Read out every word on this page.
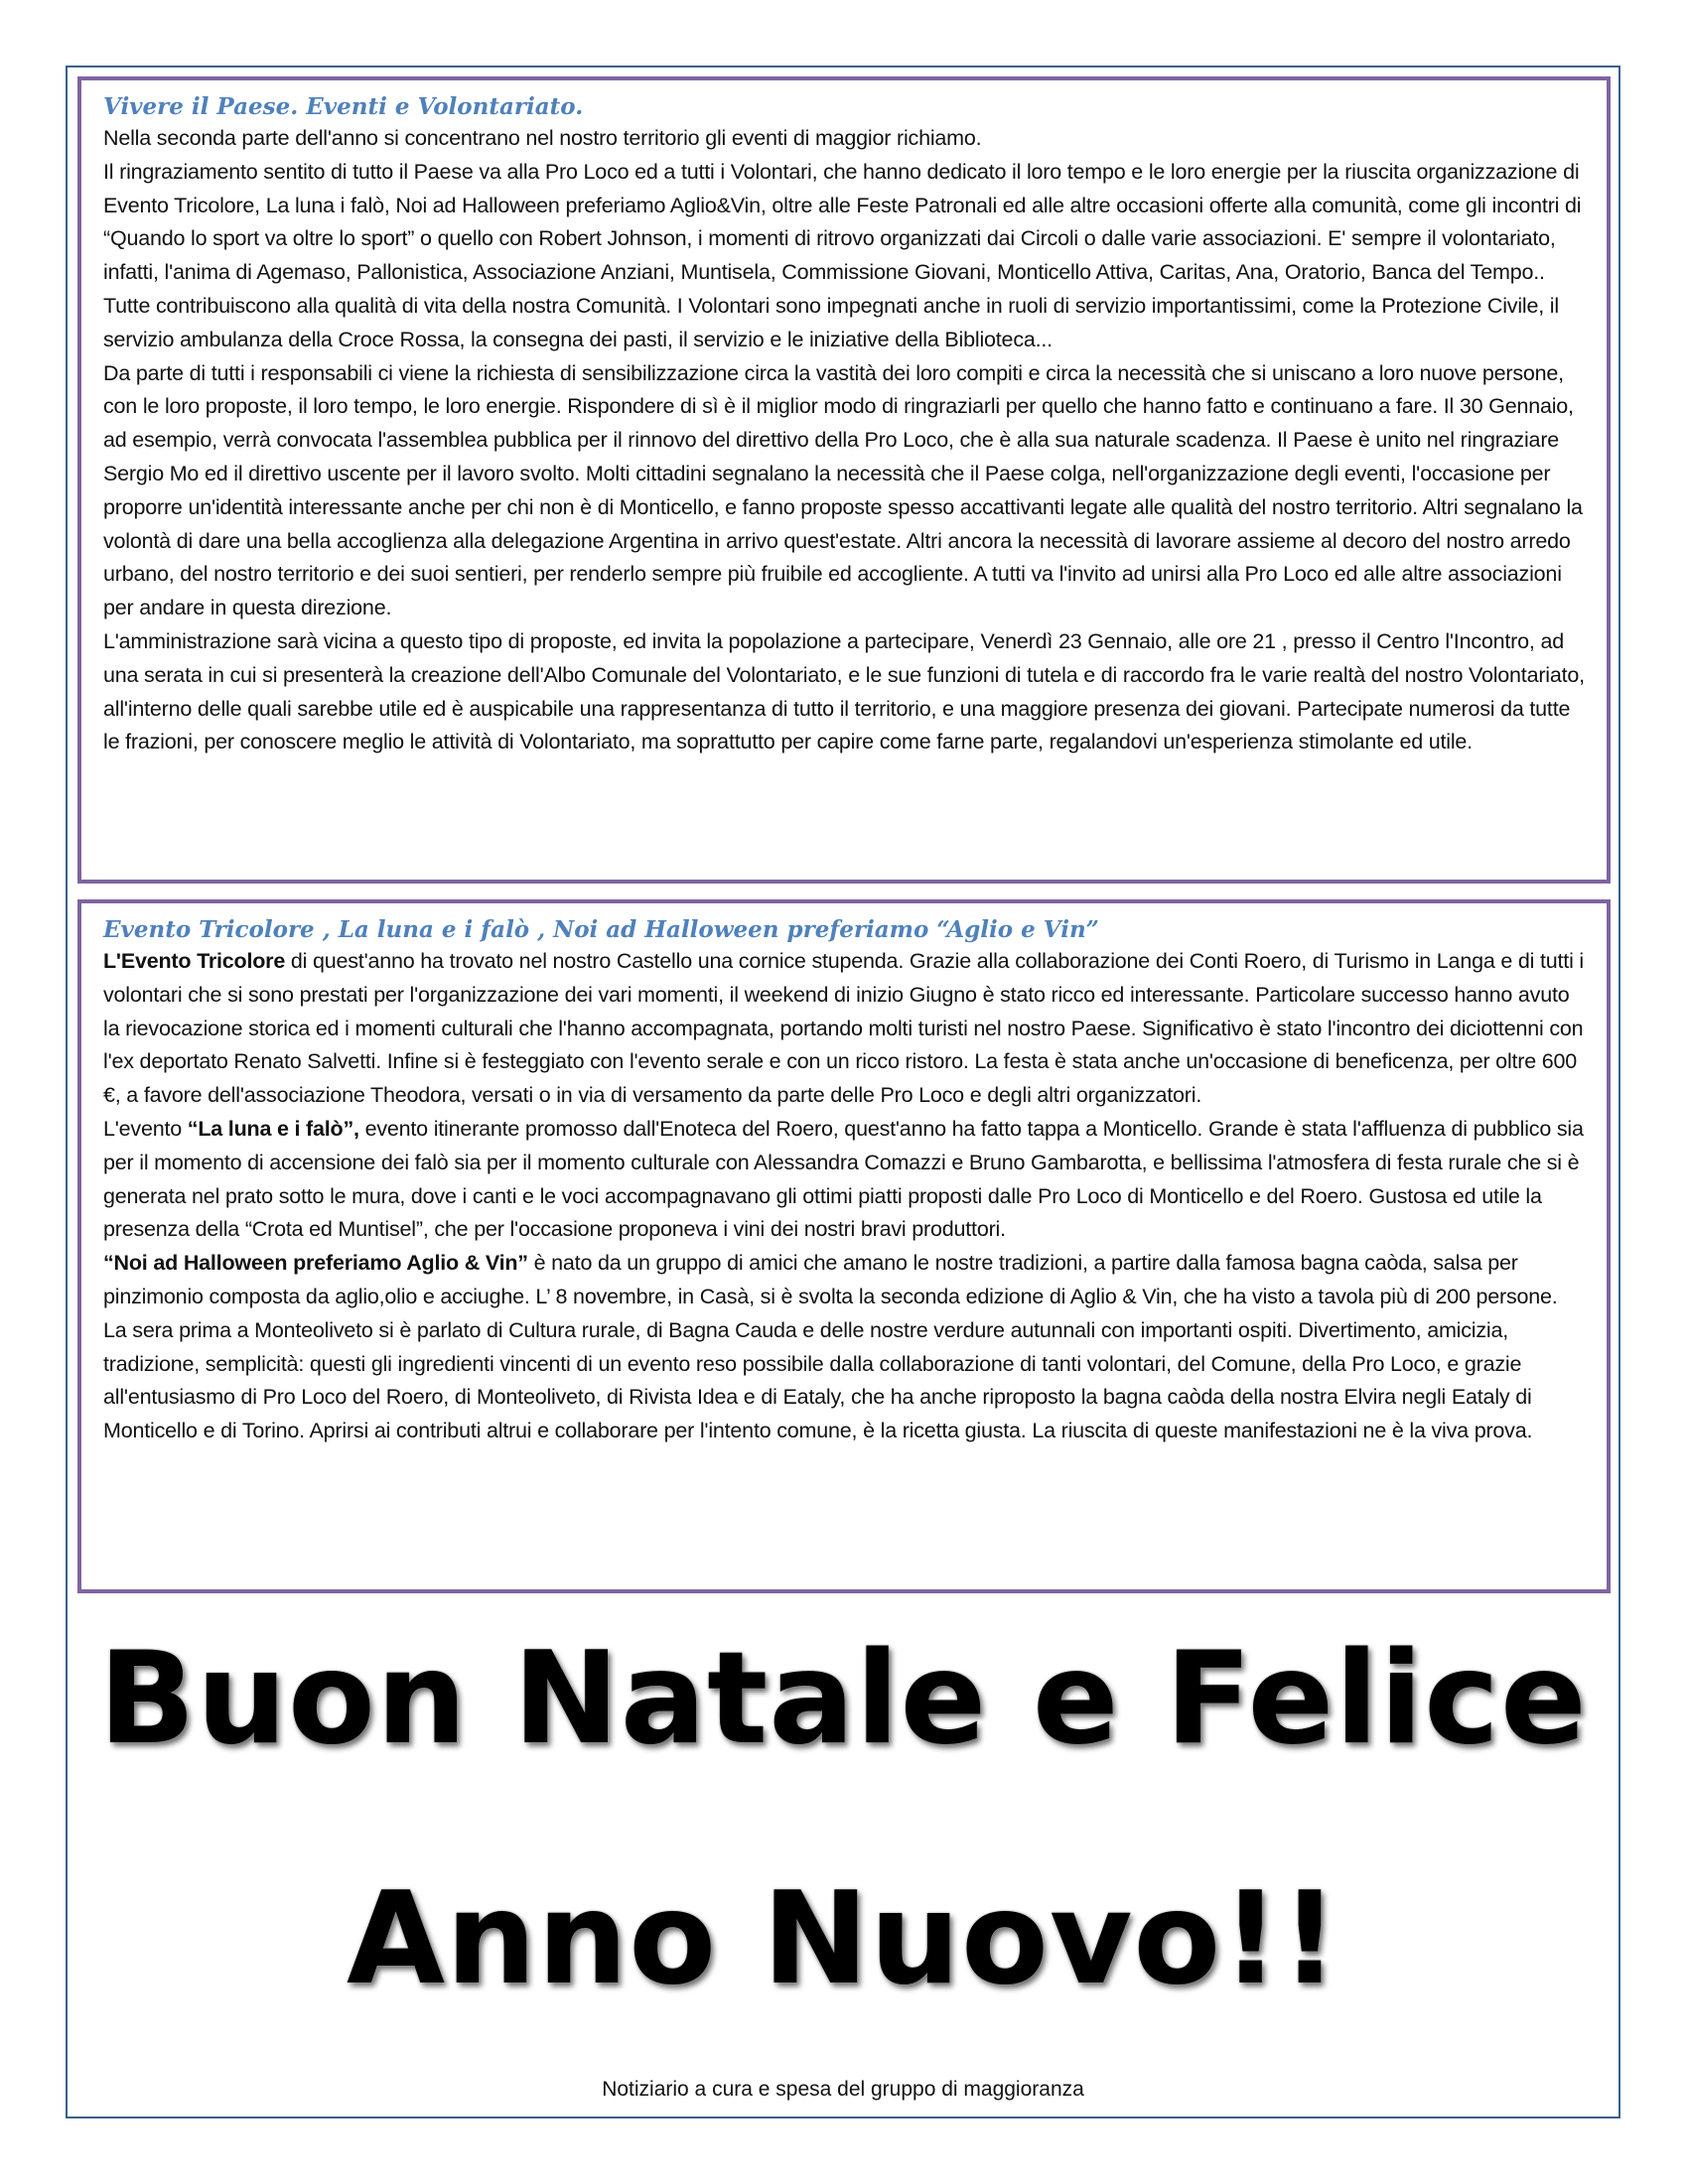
Vivere il Paese. Eventi e Volontariato.

Nella seconda parte dell'anno si concentrano nel nostro territorio gli eventi di maggior richiamo.

Il ringraziamento sentito di tutto il Paese va alla Pro Loco ed a tutti i Volontari, che hanno dedicato il loro tempo e le loro energie per la riuscita organizzazione di Evento Tricolore, La luna i falò, Noi ad Halloween preferiamo Aglio&Vin, oltre alle Feste Patronali ed alle altre occasioni offerte alla comunità, come gli incontri di “Quando lo sport va oltre lo sport” o quello con Robert Johnson, i momenti di ritrovo organizzati dai Circoli o dalle varie associazioni. E' sempre il volontariato, infatti, l'anima di Agemaso, Pallonistica, Associazione Anziani, Muntisela, Commissione Giovani, Monticello Attiva, Caritas, Ana, Oratorio, Banca del Tempo.. Tutte contribuiscono alla qualità di vita della nostra Comunità. I Volontari sono impegnati anche in ruoli di servizio importantissimi, come la Protezione Civile, il servizio ambulanza della Croce Rossa, la consegna dei pasti, il servizio e le iniziative della Biblioteca...

Da parte di tutti i responsabili ci viene la richiesta di sensibilizzazione circa la vastità dei loro compiti e circa la necessità che si uniscano a loro nuove persone, con le loro proposte, il loro tempo, le loro energie. Rispondere di sì è il miglior modo di ringraziarli per quello che hanno fatto e continuano a fare. Il 30 Gennaio, ad esempio, verrà convocata l'assemblea pubblica per il rinnovo del direttivo della Pro Loco, che è alla sua naturale scadenza. Il Paese è unito nel ringraziare Sergio Mo ed il direttivo uscente per il lavoro svolto. Molti cittadini segnalano la necessità che il Paese colga, nell'organizzazione degli eventi, l'occasione per proporre un'identità interessante anche per chi non è di Monticello, e fanno proposte spesso accattivanti legate alle qualità del nostro territorio. Altri segnalano la volontà di dare una bella accoglienza alla delegazione Argentina in arrivo quest'estate. Altri ancora la necessità di lavorare assieme al decoro del nostro arredo urbano, del nostro territorio e dei suoi sentieri, per renderlo sempre più fruibile ed accogliente. A tutti va l'invito ad unirsi alla Pro Loco ed alle altre associazioni per andare in questa direzione.

L'amministrazione sarà vicina a questo tipo di proposte, ed invita la popolazione a partecipare, Venerdì 23 Gennaio, alle ore 21 , presso il Centro l'Incontro, ad una serata in cui si presenterà la creazione dell'Albo Comunale del Volontariato, e le sue funzioni di tutela e di raccordo fra le varie realtà del nostro Volontariato, all'interno delle quali sarebbe utile ed è auspicabile una rappresentanza di tutto il territorio, e una maggiore presenza dei giovani. Partecipate numerosi da tutte le frazioni, per conoscere meglio le attività di Volontariato, ma soprattutto per capire come farne parte, regalandovi un'esperienza stimolante ed utile.

Evento Tricolore , La luna e i falò , Noi ad Halloween preferiamo “Aglio e Vin”

L'Evento Tricolore di quest'anno ha trovato nel nostro Castello una cornice stupenda. Grazie alla collaborazione dei Conti Roero, di Turismo in Langa e di tutti i volontari che si sono prestati per l'organizzazione dei vari momenti, il weekend di inizio Giugno è stato ricco ed interessante. Particolare successo hanno avuto la rievocazione storica ed i momenti culturali che l'hanno accompagnata, portando molti turisti nel nostro Paese. Significativo è stato l'incontro dei diciottenni con l'ex deportato Renato Salvetti. Infine si è festeggiato con l'evento serale e con un ricco ristoro. La festa è stata anche un'occasione di beneficenza, per oltre 600 €, a favore dell'associazione Theodora, versati o in via di versamento da parte delle Pro Loco e degli altri organizzatori.

L'evento “La luna e i falò”, evento itinerante promosso dall'Enoteca del Roero, quest'anno ha fatto tappa a Monticello. Grande è stata l'affluenza di pubblico sia per il momento di accensione dei falò sia per il momento culturale con Alessandra Comazzi e Bruno Gambarotta, e bellissima l'atmosfera di festa rurale che si è generata nel prato sotto le mura, dove i canti e le voci accompagnavano gli ottimi piatti proposti dalle Pro Loco di Monticello e del Roero. Gustosa ed utile la presenza della “Crota ed Muntisel”, che per l'occasione proponeva i vini dei nostri bravi produttori.

“Noi ad Halloween preferiamo Aglio & Vin” è nato da un gruppo di amici che amano le nostre tradizioni, a partire dalla famosa bagna caòda, salsa per pinzimonio composta da aglio,olio e acciughe. L’ 8 novembre, in Casà, si è svolta la seconda edizione di Aglio & Vin, che ha visto a tavola più di 200 persone. La sera prima a Monteoliveto si è parlato di Cultura rurale, di Bagna Cauda e delle nostre verdure autunnali con importanti ospiti. Divertimento, amicizia, tradizione, semplicità: questi gli ingredienti vincenti di un evento reso possibile dalla collaborazione di tanti volontari, del Comune, della Pro Loco, e grazie all'entusiasmo di Pro Loco del Roero, di Monteoliveto, di Rivista Idea e di Eataly, che ha anche riproposto la bagna caòda della nostra Elvira negli Eataly di Monticello e di Torino. Aprirsi ai contributi altrui e collaborare per l'intento comune, è la ricetta giusta. La riuscita di queste manifestazioni ne è la viva prova.

Buon Natale e Felice
Anno Nuovo!!
Notiziario a cura e spesa del gruppo di maggioranza
